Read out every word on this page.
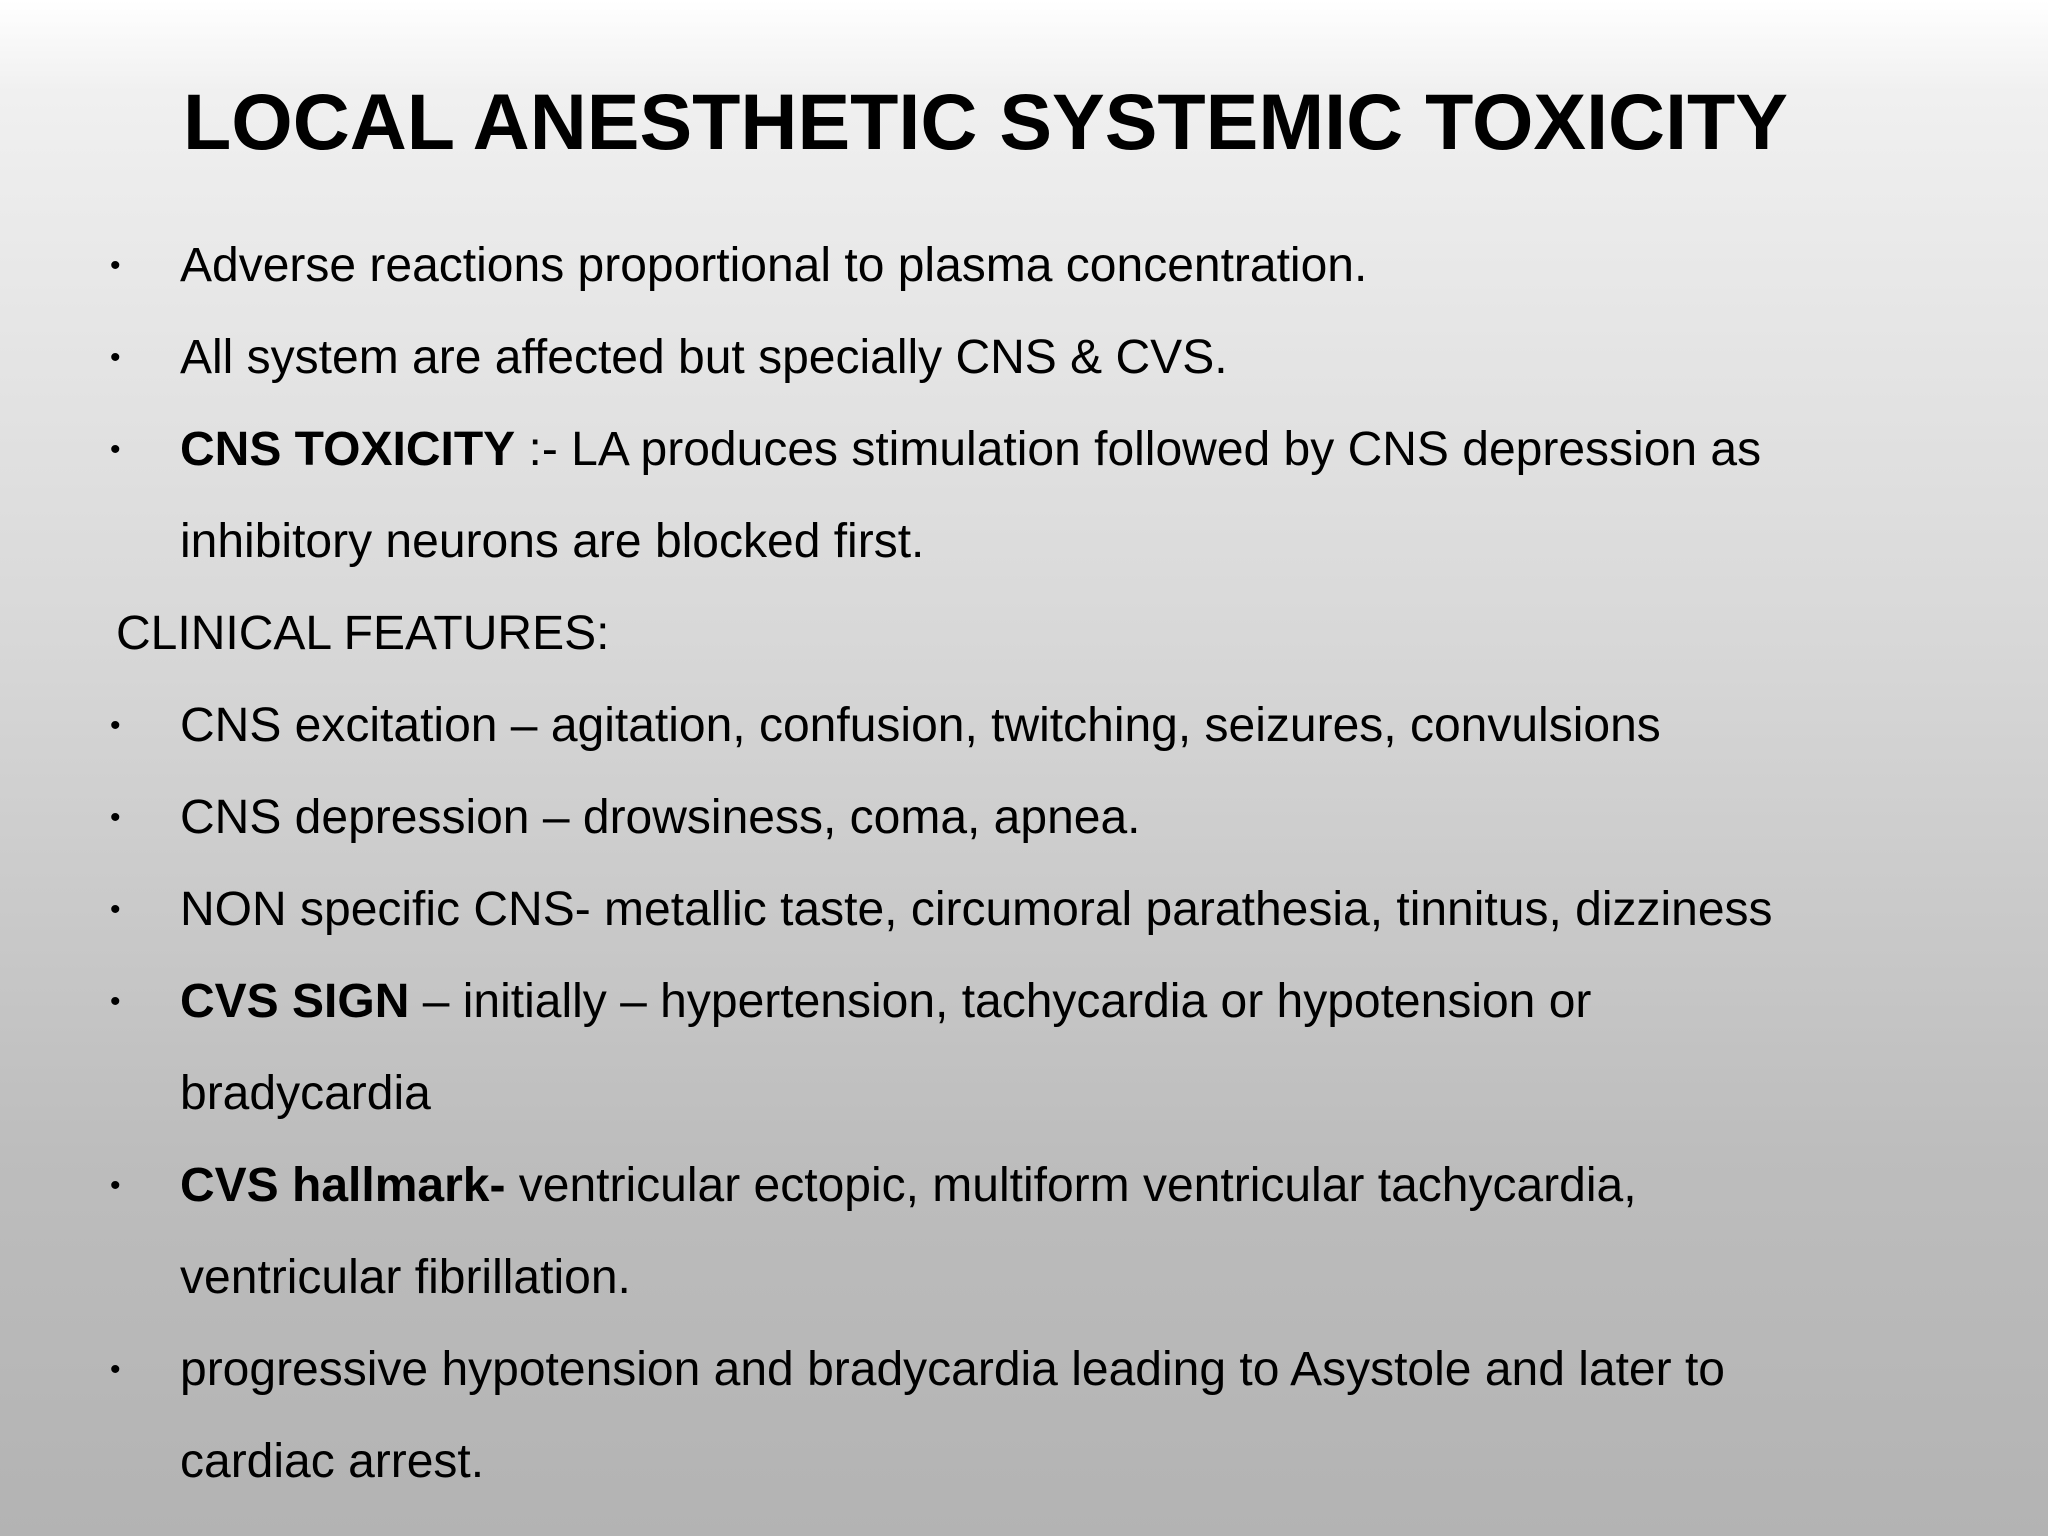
LOCAL ANESTHETIC SYSTEMIC TOXICITY
• Adverse reactions proportional to plasma concentration.
• All system are affected but specially CNS & CVS.
• CNS TOXICITY :- LA produces stimulation followed by CNS depression as
inhibitory neurons are blocked first.
CLINICAL FEATURES:
• CNS excitation – agitation, confusion, twitching, seizures, convulsions
• CNS depression – drowsiness, coma, apnea.
• NON specific CNS- metallic taste, circumoral parathesia, tinnitus, dizziness
• CVS SIGN – initially – hypertension, tachycardia or hypotension or
bradycardia
• CVS hallmark- ventricular ectopic, multiform ventricular tachycardia,
ventricular fibrillation.
• progressive hypotension and bradycardia leading to Asystole and later to
cardiac arrest.
